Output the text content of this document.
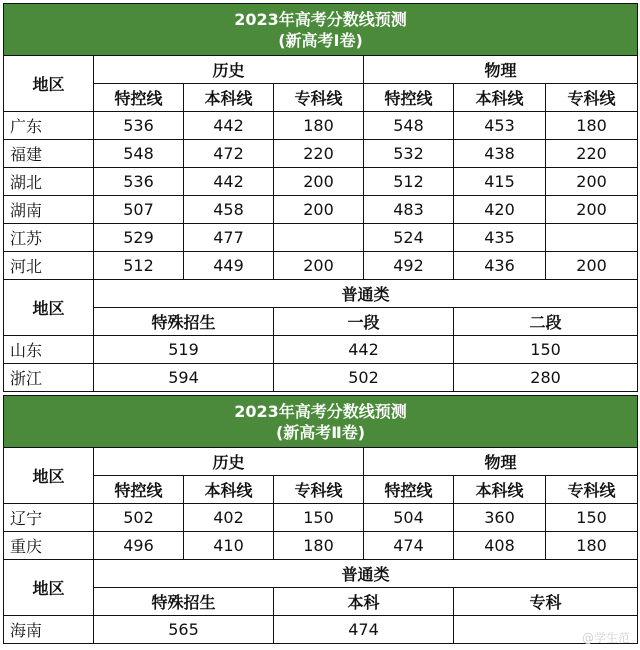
2023年高考分数线预测
(新高考Ⅰ卷)						

地区	历史			物理		
	特控线	本科线	专科线	特控线	本科线	专科线
广东	536	442	180	548	453	180
福建	548	472	220	532	438	220
湖北	536	442	200	512	415	200
湖南	507	458	200	483	420	200
江苏	529	477		524	435	
河北	512	449	200	492	436	200
地区	普通类					
	特殊招生		一段		二段	
山东	519		442		150	
浙江	594		502		280	
2023年高考分数线预测
(新高考Ⅱ卷)						

地区	历史			物理		
	特控线	本科线	专科线	特控线	本科线	专科线
辽宁	502	402	150	504	360	150
重庆	496	410	180	474	408	180
地区	普通类					
	特殊招生		本科		专科	
海南	565		474				@学生范
